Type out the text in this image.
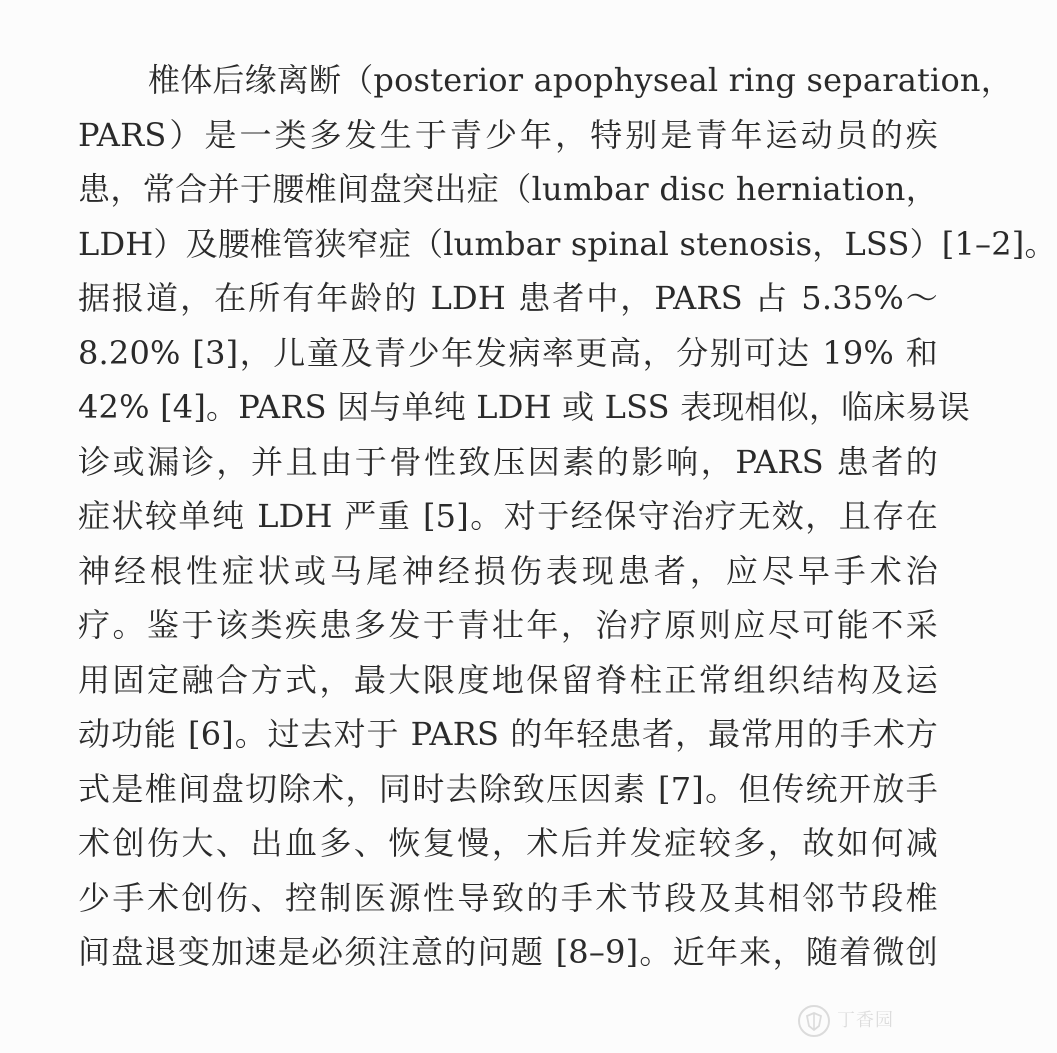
椎体后缘离断（posterior apophyseal ring separation，
PARS）是一类多发生于青少年，特别是青年运动员的疾
患，常合并于腰椎间盘突出症（lumbar disc herniation，
LDH）及腰椎管狭窄症（lumbar spinal stenosis，LSS）[1–2]。
据报道，在所有年龄的 LDH 患者中，PARS 占 5.35%～
8.20% [3]，儿童及青少年发病率更高，分别可达 19% 和
42% [4]。PARS 因与单纯 LDH 或 LSS 表现相似，临床易误
诊或漏诊，并且由于骨性致压因素的影响，PARS 患者的
症状较单纯 LDH 严重 [5]。对于经保守治疗无效，且存在
神经根性症状或马尾神经损伤表现患者，应尽早手术治
疗。鉴于该类疾患多发于青壮年，治疗原则应尽可能不采
用固定融合方式，最大限度地保留脊柱正常组织结构及运
动功能 [6]。过去对于 PARS 的年轻患者，最常用的手术方
式是椎间盘切除术，同时去除致压因素 [7]。但传统开放手
术创伤大、出血多、恢复慢，术后并发症较多，故如何减
少手术创伤、控制医源性导致的手术节段及其相邻节段椎
间盘退变加速是必须注意的问题 [8–9]。近年来，随着微创
丁香园
